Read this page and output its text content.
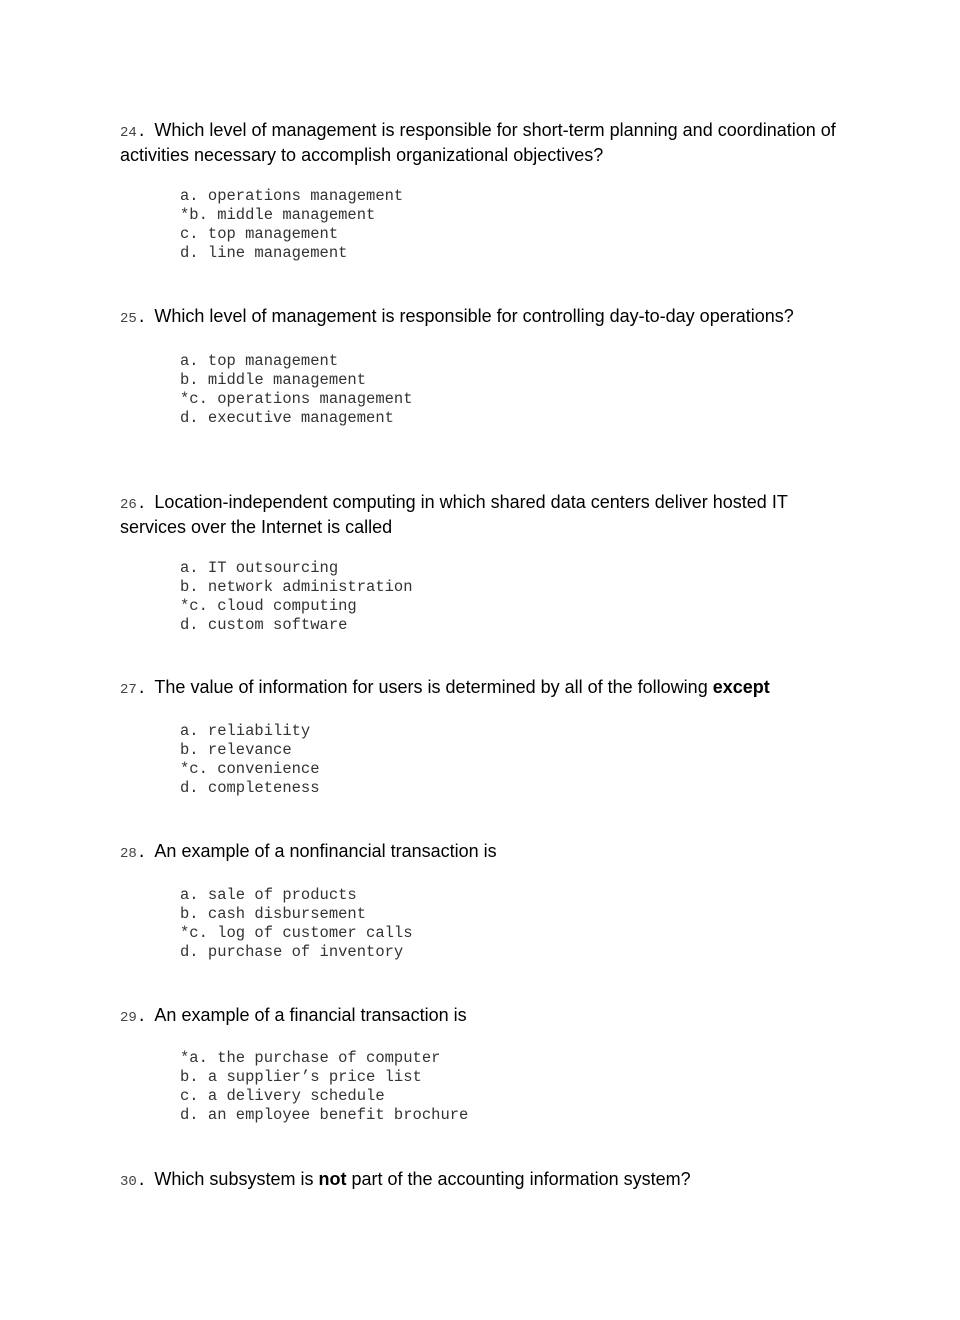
24. Which level of management is responsible for short-term planning and coordination of activities necessary to accomplish organizational objectives?

a. operations management
*b. middle management
c. top management
d. line management

25. Which level of management is responsible for controlling day-to-day operations?

a. top management
b. middle management
*c. operations management
d. executive management

26. Location-independent computing in which shared data centers deliver hosted IT services over the Internet is called

a. IT outsourcing
b. network administration
*c. cloud computing
d. custom software

27. The value of information for users is determined by all of the following except

a. reliability
b. relevance
*c. convenience
d. completeness

28. An example of a nonfinancial transaction is

a. sale of products
b. cash disbursement
*c. log of customer calls
d. purchase of inventory

29. An example of a financial transaction is

*a. the purchase of computer
b. a supplier’s price list
c. a delivery schedule
d. an employee benefit brochure

30. Which subsystem is not part of the accounting information system?
